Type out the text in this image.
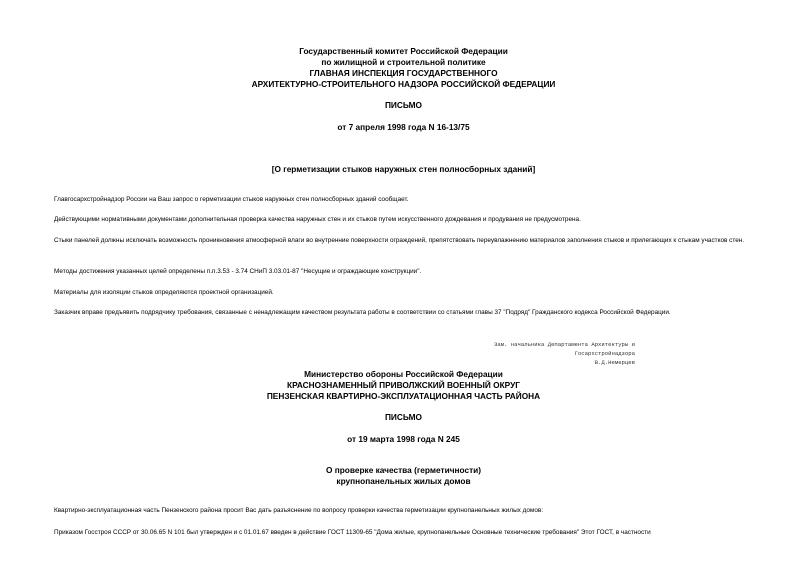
Государственный комитет Российской Федерации
по жилищной и строительной политике
ГЛАВНАЯ ИНСПЕКЦИЯ ГОСУДАРСТВЕННОГО
АРХИТЕКТУРНО-СТРОИТЕЛЬНОГО НАДЗОРА РОССИЙСКОЙ ФЕДЕРАЦИИ
ПИСЬМО
от 7 апреля 1998 года N 16-13/75
[О герметизации стыков наружных стен полносборных зданий]
Главгосархстройнадзор России на Ваш запрос о герметизации стыков наружных стен полносборных зданий сообщает.
Действующими нормативными документами дополнительная проверка качества наружных стен и их стыков путем искусственного дождевания и продувания не предусмотрена.
Стыки панелей должны исключать возможность проникновения атмосферной влаги во внутренние поверхности ограждений, препятствовать переувлажнению материалов заполнения стыков и прилегающих к стыкам участков стен.
Методы достижения указанных целей определены п.п.3.53 - 3.74 СНиП 3.03.01-87 "Несущие и ограждающие конструкции".
Материалы для изоляции стыков определяются проектной организацией.
Заказчик вправе предъявить подрядчику требования, связанные с ненадлежащим качеством результата работы в соответствии со статьями главы 37 "Подряд" Гражданского кодекса Российской Федерации.
Зам. начальника Департамента Архитектуры и
Госархстройнадзора
В.Д.Немерцев
Министерство обороны Российской Федерации
КРАСНОЗНАМЕННЫЙ ПРИВОЛЖСКИЙ ВОЕННЫЙ ОКРУГ
ПЕНЗЕНСКАЯ КВАРТИРНО-ЭКСПЛУАТАЦИОННАЯ ЧАСТЬ РАЙОНА
ПИСЬМО
от 19 марта 1998 года N 245
О проверке качества (герметичности)
крупнопанельных жилых домов
Квартирно-эксплуатационная часть Пензенского района просит Вас дать разъяснение по вопросу проверки качества герметизации крупнопанельных жилых домов:
Приказом Госстроя СССР от 30.06.65 N 101 был утвержден и с 01.01.67 введен в действие ГОСТ 11309-65 "Дома жилые, крупнопанельные Основные технические требования" Этот ГОСТ, в частности
